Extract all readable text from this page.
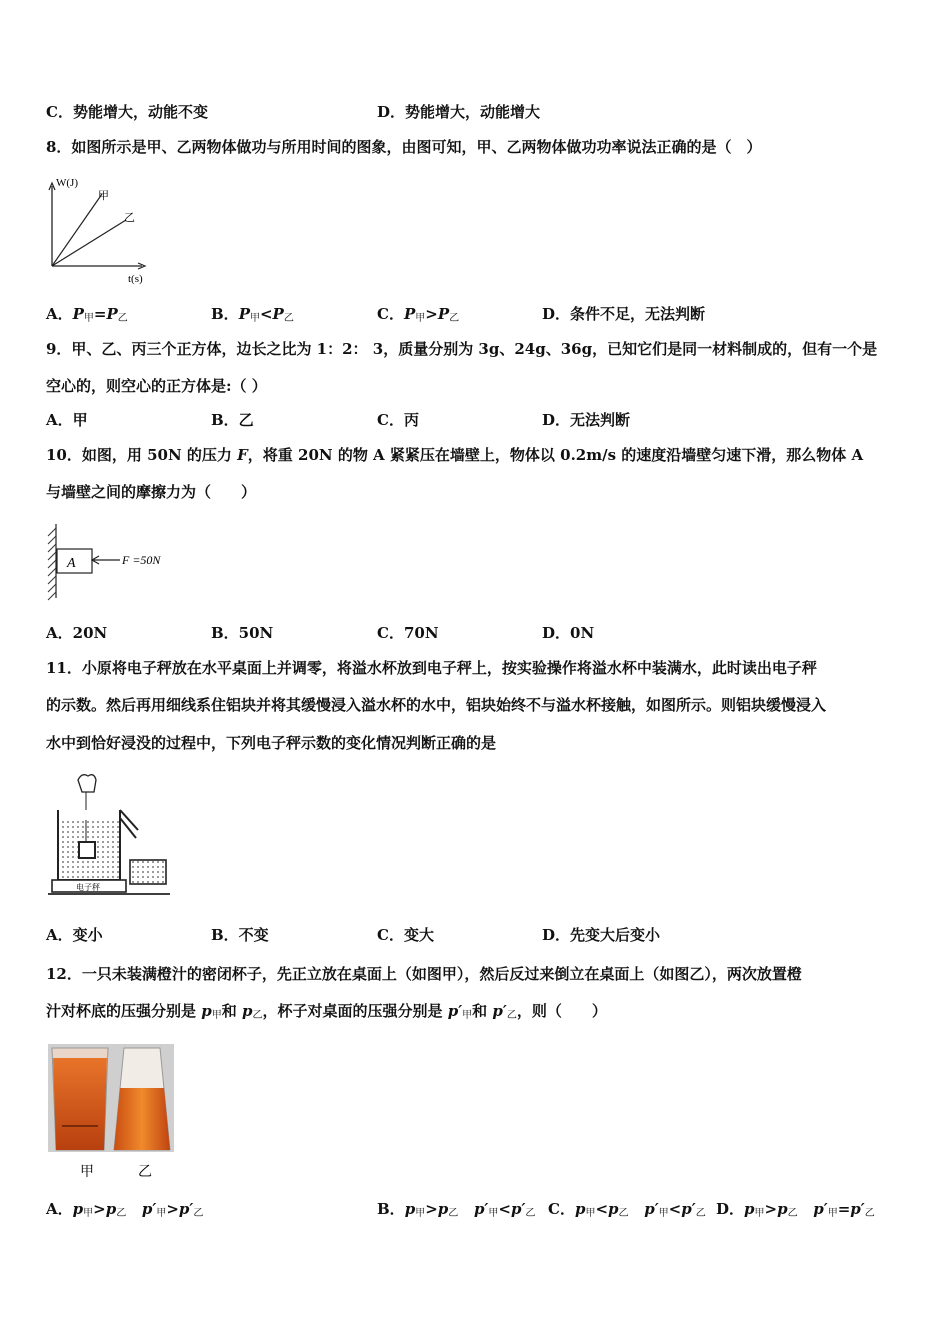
C．势能增大，动能不变	D．势能增大，动能增大
8．如图所示是甲、乙两物体做功与所用时间的图象，由图可知，甲、乙两物体做功功率说法正确的是（　）
W(J)
t(s)
甲
乙
A．$P_甲=P_乙$	B．$P_甲<P_乙$	C．$P_甲>P_乙$	D．条件不足，无法判断
9．甲、乙、丙三个正方体，边长之比为 1：2： 3，质量分别为 3g、24g、36g，已知它们是同一材料制成的，但有一个是
空心的，则空心的正方体是:（ ）
A．甲	B．乙	C．丙	D．无法判断
10．如图，用 50N 的压力 F，将重 20N 的物 A 紧紧压在墙壁上，物体以 0.2m/s 的速度沿墙壁匀速下滑，那么物体 A
与墙壁之间的摩擦力为（　　）
A	F =50N
A．20N	B．50N	C．70N	D．0N
11．小原将电子秤放在水平桌面上并调零，将溢水杯放到电子秤上，按实验操作将溢水杯中装满水，此时读出电子秤
的示数。然后再用细线系住铝块并将其缓慢浸入溢水杯的水中，铝块始终不与溢水杯接触，如图所示。则铝块缓慢浸入
水中到恰好浸没的过程中，下列电子秤示数的变化情况判断正确的是
电子秤
A．变小	B．不变	C．变大	D．先变大后变小
12．一只未装满橙汁的密闭杯子，先正立放在桌面上（如图甲），然后反过来倒立在桌面上（如图乙），两次放置橙
汁对杯底的压强分别是 $p_甲$和 $p_乙$，杯子对桌面的压强分别是 $p'_甲$和 $p'_乙$，则（　　）
甲	乙
A．$p_甲>p_乙$ $p'_甲>p'_乙$	B．$p_甲>p_乙$ $p'_甲<p'_乙$ C．$p_甲<p_乙$ $p'_甲<p'_乙$ D．$p_甲>p_乙$ $p'_甲=p'_乙$
